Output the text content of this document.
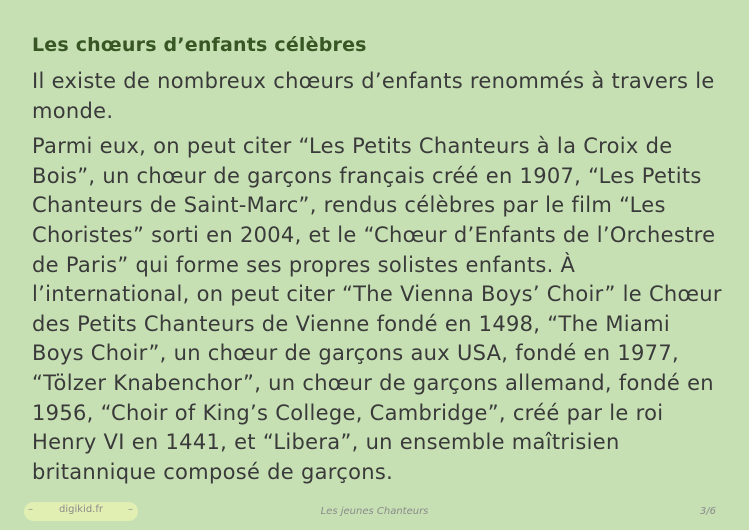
Les chœurs d’enfants célèbres

Il existe de nombreux chœurs d’enfants renommés à travers le monde.

Parmi eux, on peut citer “Les Petits Chanteurs à la Croix de Bois”, un chœur de garçons français créé en 1907, “Les Petits Chanteurs de Saint-Marc”, rendus célèbres par le film “Les Choristes” sorti en 2004, et le “Chœur d’Enfants de l’Orchestre de Paris” qui forme ses propres solistes enfants. À l’international, on peut citer “The Vienna Boys’ Choir” le Chœur des Petits Chanteurs de Vienne fondé en 1498, “The Miami Boys Choir”, un chœur de garçons aux USA, fondé en 1977, “Tölzer Knabenchor”, un chœur de garçons allemand, fondé en 1956, “Choir of King’s College, Cambridge”, créé par le roi Henry VI en 1441, et “Libera”, un ensemble maîtrisien britannique composé de garçons.

–	digikid.fr	–	Les jeunes Chanteurs	3/6
